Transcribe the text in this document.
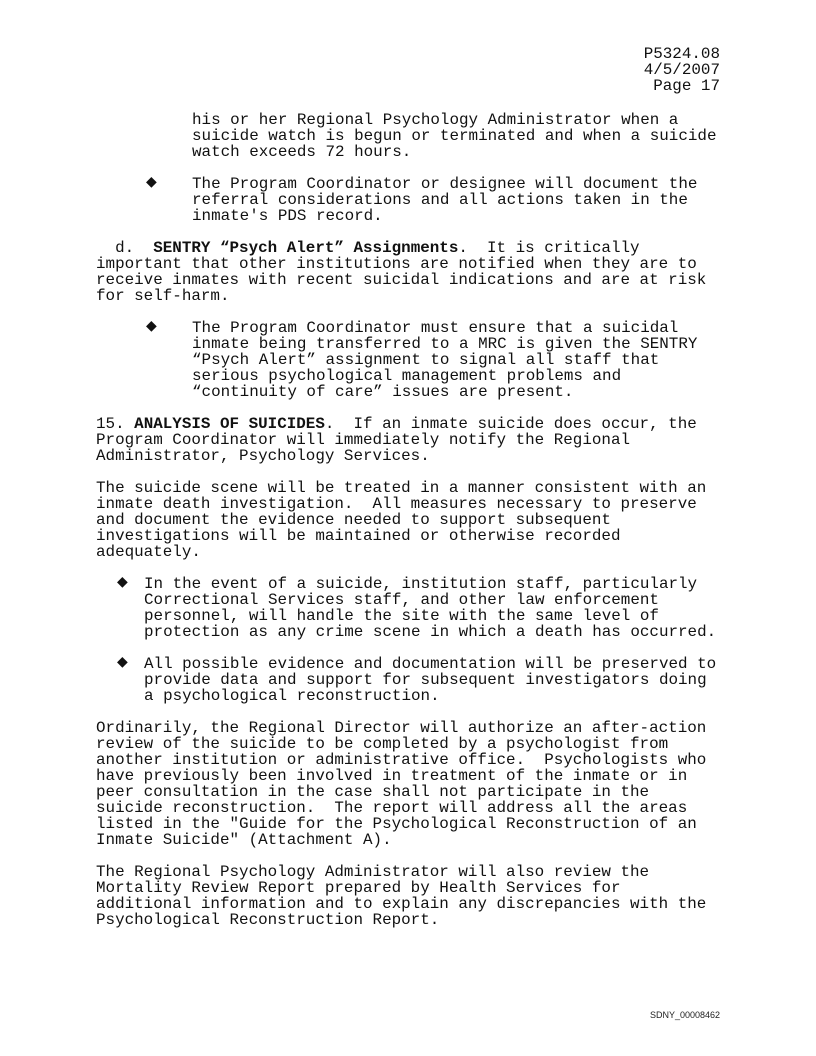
P5324.08
4/5/2007
Page 17
his or her Regional Psychology Administrator when a
suicide watch is begun or terminated and when a suicide
watch exceeds 72 hours.
◆ The Program Coordinator or designee will document the
referral considerations and all actions taken in the
inmate's PDS record.
d.  SENTRY “Psych Alert” Assignments.  It is critically
important that other institutions are notified when they are to
receive inmates with recent suicidal indications and are at risk
for self-harm.
◆ The Program Coordinator must ensure that a suicidal
inmate being transferred to a MRC is given the SENTRY
“Psych Alert” assignment to signal all staff that
serious psychological management problems and
“continuity of care” issues are present.
15. ANALYSIS OF SUICIDES.  If an inmate suicide does occur, the
Program Coordinator will immediately notify the Regional
Administrator, Psychology Services.
The suicide scene will be treated in a manner consistent with an
inmate death investigation.  All measures necessary to preserve
and document the evidence needed to support subsequent
investigations will be maintained or otherwise recorded
adequately.
◆ In the event of a suicide, institution staff, particularly
Correctional Services staff, and other law enforcement
personnel, will handle the site with the same level of
protection as any crime scene in which a death has occurred.
◆ All possible evidence and documentation will be preserved to
provide data and support for subsequent investigators doing
a psychological reconstruction.
Ordinarily, the Regional Director will authorize an after-action
review of the suicide to be completed by a psychologist from
another institution or administrative office.  Psychologists who
have previously been involved in treatment of the inmate or in
peer consultation in the case shall not participate in the
suicide reconstruction.  The report will address all the areas
listed in the "Guide for the Psychological Reconstruction of an
Inmate Suicide" (Attachment A).
The Regional Psychology Administrator will also review the
Mortality Review Report prepared by Health Services for
additional information and to explain any discrepancies with the
Psychological Reconstruction Report.
SDNY_00008462
